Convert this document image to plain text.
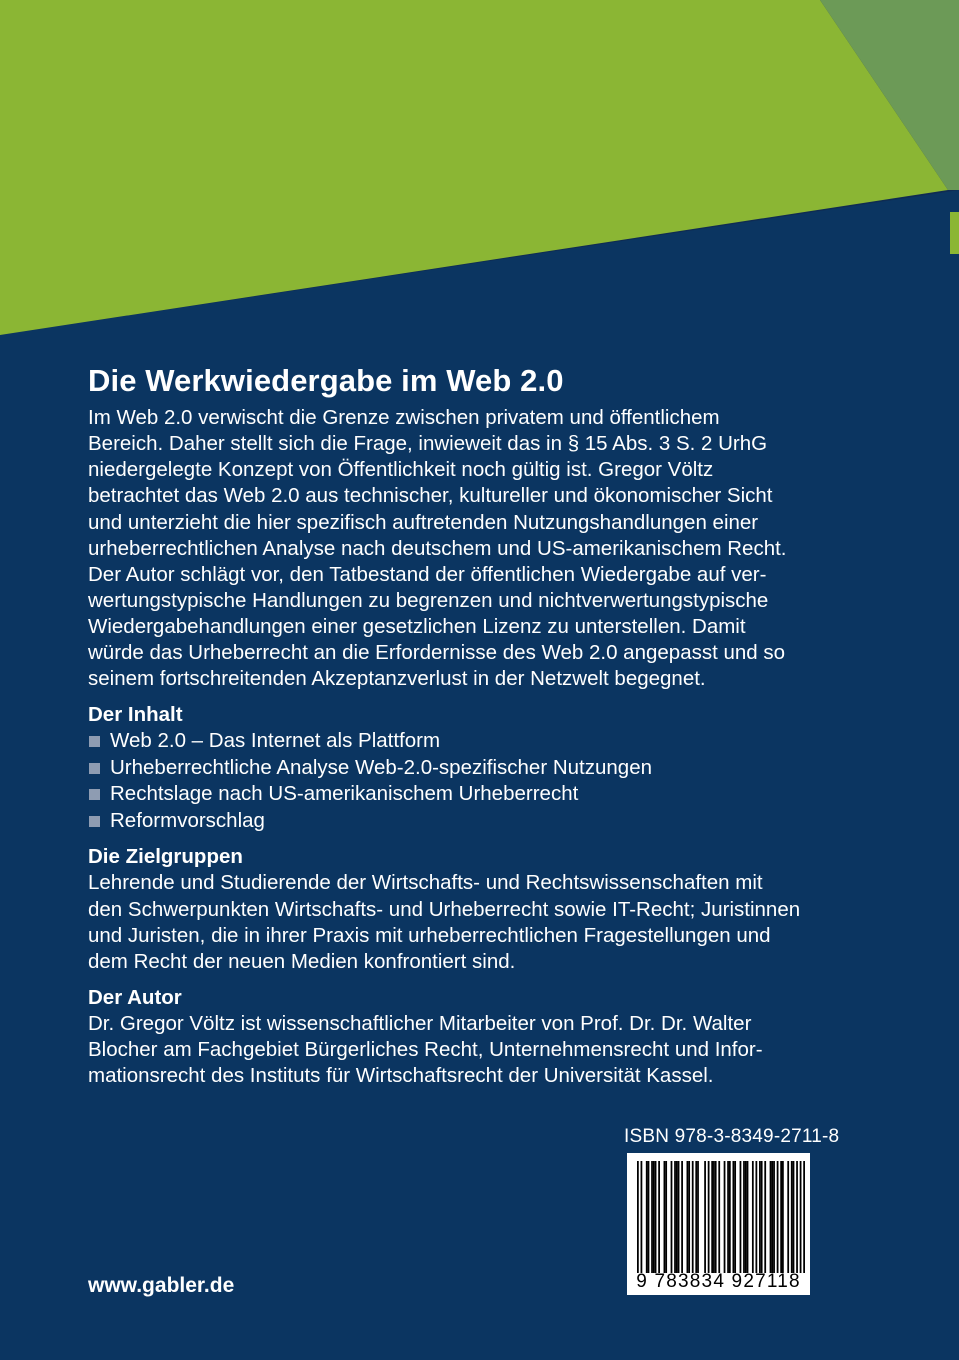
Die Werkwiedergabe im Web 2.0

Im Web 2.0 verwischt die Grenze zwischen privatem und öffentlichem

Bereich. Daher stellt sich die Frage, inwieweit das in § 15 Abs. 3 S. 2 UrhG

niedergelegte Konzept von Öffentlichkeit noch gültig ist. Gregor Völtz

betrachtet das Web 2.0 aus technischer, kultureller und ökonomischer Sicht

und unterzieht die hier spezifisch auftretenden Nutzungshandlungen einer

urheberrechtlichen Analyse nach deutschem und US-amerikanischem Recht.

Der Autor schlägt vor, den Tatbestand der öffentlichen Wiedergabe auf ver-

wertungstypische Handlungen zu begrenzen und nichtverwertungstypische

Wiedergabehandlungen einer gesetzlichen Lizenz zu unterstellen. Damit

würde das Urheberrecht an die Erfordernisse des Web 2.0 angepasst und so

seinem fortschreitenden Akzeptanzverlust in der Netzwelt begegnet.

Der Inhalt
Web 2.0 – Das Internet als Plattform
Urheberrechtliche Analyse Web-2.0-spezifischer Nutzungen
Rechtslage nach US-amerikanischem Urheberrecht
Reformvorschlag
Die Zielgruppen

Lehrende und Studierende der Wirtschafts- und Rechtswissenschaften mit

den Schwerpunkten Wirtschafts- und Urheberrecht sowie IT-Recht; Juristinnen

und Juristen, die in ihrer Praxis mit urheberrechtlichen Fragestellungen und

dem Recht der neuen Medien konfrontiert sind.

Der Autor

Dr. Gregor Völtz ist wissenschaftlicher Mitarbeiter von Prof. Dr. Dr. Walter

Blocher am Fachgebiet Bürgerliches Recht, Unternehmensrecht und Infor-

mationsrecht des Instituts für Wirtschaftsrecht der Universität Kassel.

ISBN 978-3-8349-2711-8
9 783834 927118
www.gabler.de
